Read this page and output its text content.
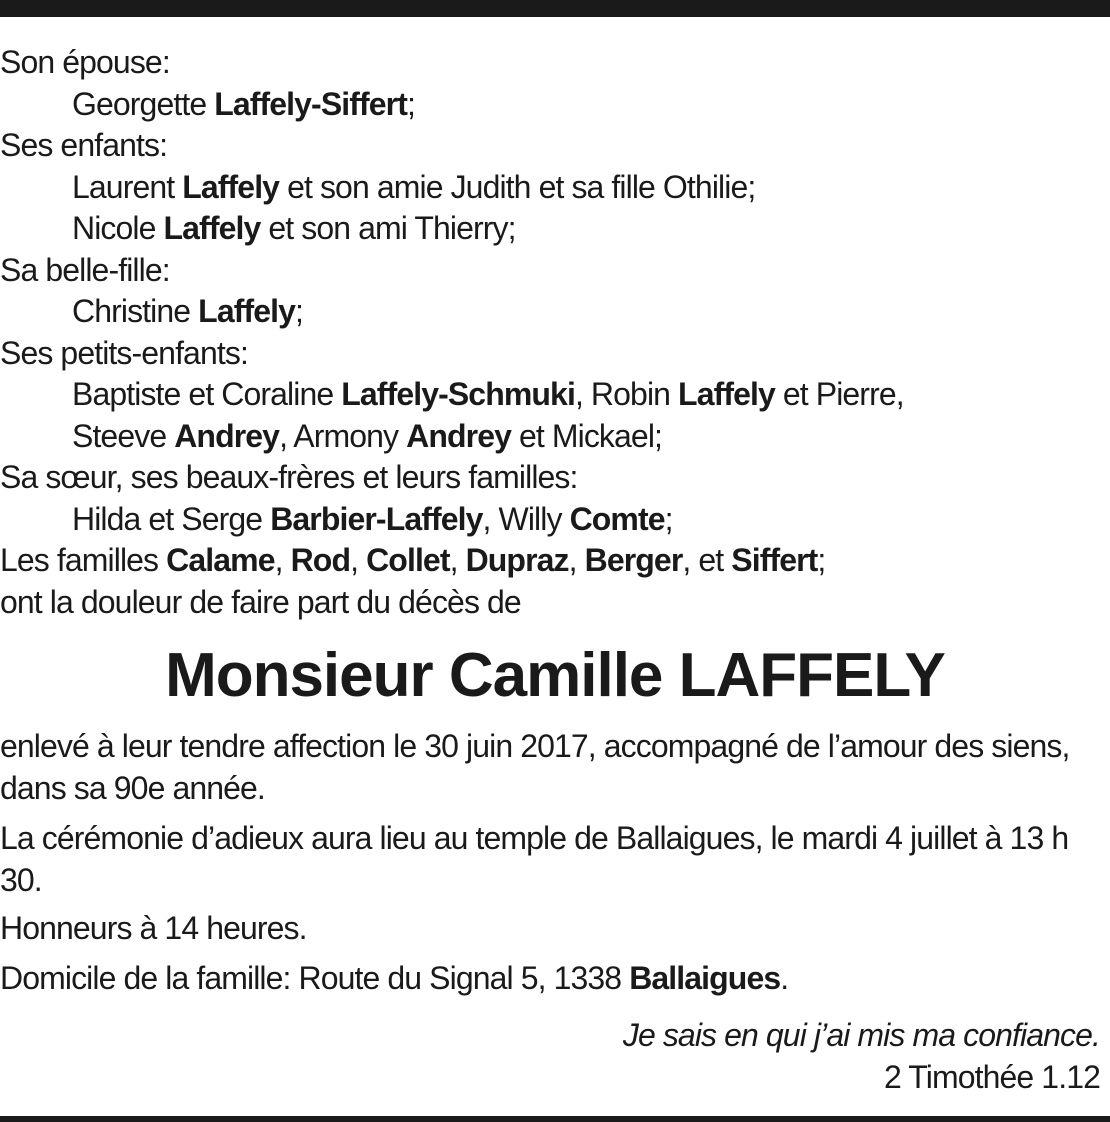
Son épouse:
Georgette Laffely-Siffert;
Ses enfants:
Laurent Laffely et son amie Judith et sa fille Othilie;
Nicole Laffely et son ami Thierry;
Sa belle-fille:
Christine Laffely;
Ses petits-enfants:
Baptiste et Coraline Laffely-Schmuki, Robin Laffely et Pierre,
Steeve Andrey, Armony Andrey et Mickael;
Sa sœur, ses beaux-frères et leurs familles:
Hilda et Serge Barbier-Laffely, Willy Comte;
Les familles Calame, Rod, Collet, Dupraz, Berger, et Siffert;
ont la douleur de faire part du décès de
Monsieur Camille LAFFELY

enlevé à leur tendre affection le 30 juin 2017, accompagné de l’amour des siens, dans sa 90e année.

La cérémonie d’adieux aura lieu au temple de Ballaigues, le mardi 4 juillet à 13 h 30.

Honneurs à 14 heures.

Domicile de la famille: Route du Signal 5, 1338 Ballaigues.

Je sais en qui j’ai mis ma confiance.
2 Timothée 1.12
